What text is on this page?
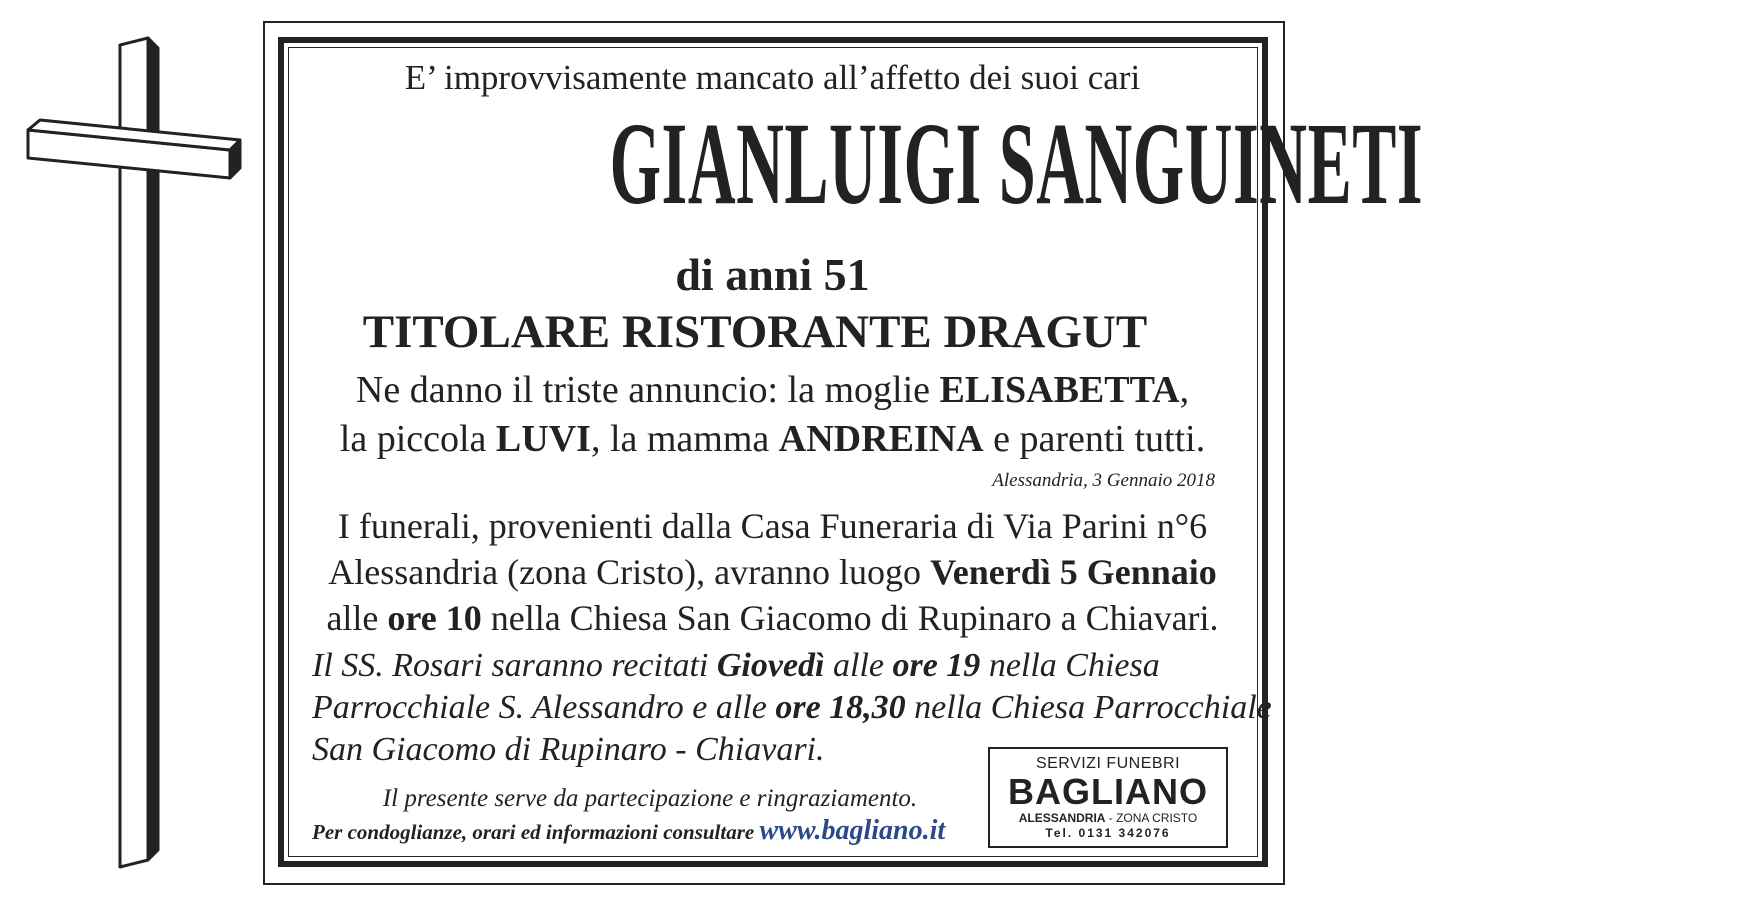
E’ improvvisamente mancato all’affetto dei suoi cari
GIANLUIGI SANGUINETI
di anni 51
TITOLARE RISTORANTE DRAGUT
Ne danno il triste annuncio: la moglie ELISABETTA,
la piccola LUVI, la mamma ANDREINA e parenti tutti.
Alessandria, 3 Gennaio 2018
I funerali, provenienti dalla Casa Funeraria di Via Parini n°6
Alessandria (zona Cristo), avranno luogo Venerdì 5 Gennaio
alle ore 10 nella Chiesa San Giacomo di Rupinaro a Chiavari.
Il SS. Rosari saranno recitati Giovedì alle ore 19 nella Chiesa
Parrocchiale S. Alessandro e alle ore 18,30 nella Chiesa Parrocchiale
San Giacomo di Rupinaro - Chiavari.
Il presente serve da partecipazione e ringraziamento.
Per condoglianze, orari ed informazioni consultare www.bagliano.it
SERVIZI FUNEBRI
BAGLIANO
ALESSANDRIA - ZONA CRISTO
Tel. 0131 342076
